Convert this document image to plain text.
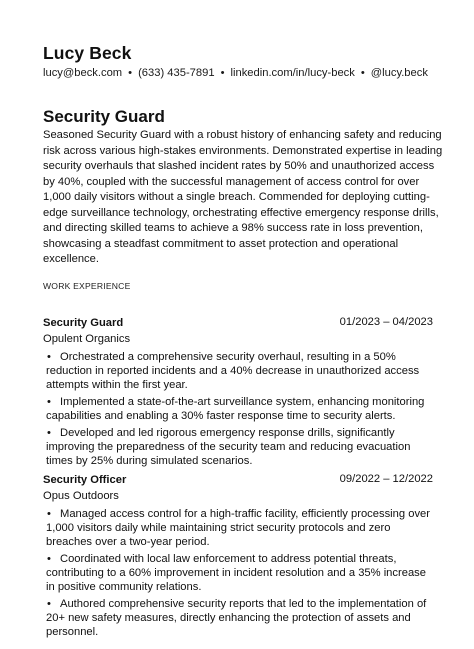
Lucy Beck
lucy@beck.com • (633) 435-7891 • linkedin.com/in/lucy-beck • @lucy.beck
Security Guard
Seasoned Security Guard with a robust history of enhancing safety and reducing risk across various high-stakes environments. Demonstrated expertise in leading security overhauls that slashed incident rates by 50% and unauthorized access by 40%, coupled with the successful management of access control for over 1,000 daily visitors without a single breach. Commended for deploying cutting-edge surveillance technology, orchestrating effective emergency response drills, and directing skilled teams to achieve a 98% success rate in loss prevention, showcasing a steadfast commitment to asset protection and operational excellence.
WORK EXPERIENCE
Security Guard	01/2023 – 04/2023
Opulent Organics
• Orchestrated a comprehensive security overhaul, resulting in a 50% reduction in reported incidents and a 40% decrease in unauthorized access attempts within the first year.
• Implemented a state-of-the-art surveillance system, enhancing monitoring capabilities and enabling a 30% faster response time to security alerts.
• Developed and led rigorous emergency response drills, significantly improving the preparedness of the security team and reducing evacuation times by 25% during simulated scenarios.
Security Officer	09/2022 – 12/2022
Opus Outdoors
• Managed access control for a high-traffic facility, efficiently processing over 1,000 visitors daily while maintaining strict security protocols and zero breaches over a two-year period.
• Coordinated with local law enforcement to address potential threats, contributing to a 60% improvement in incident resolution and a 35% increase in positive community relations.
• Authored comprehensive security reports that led to the implementation of 20+ new safety measures, directly enhancing the protection of assets and personnel.
